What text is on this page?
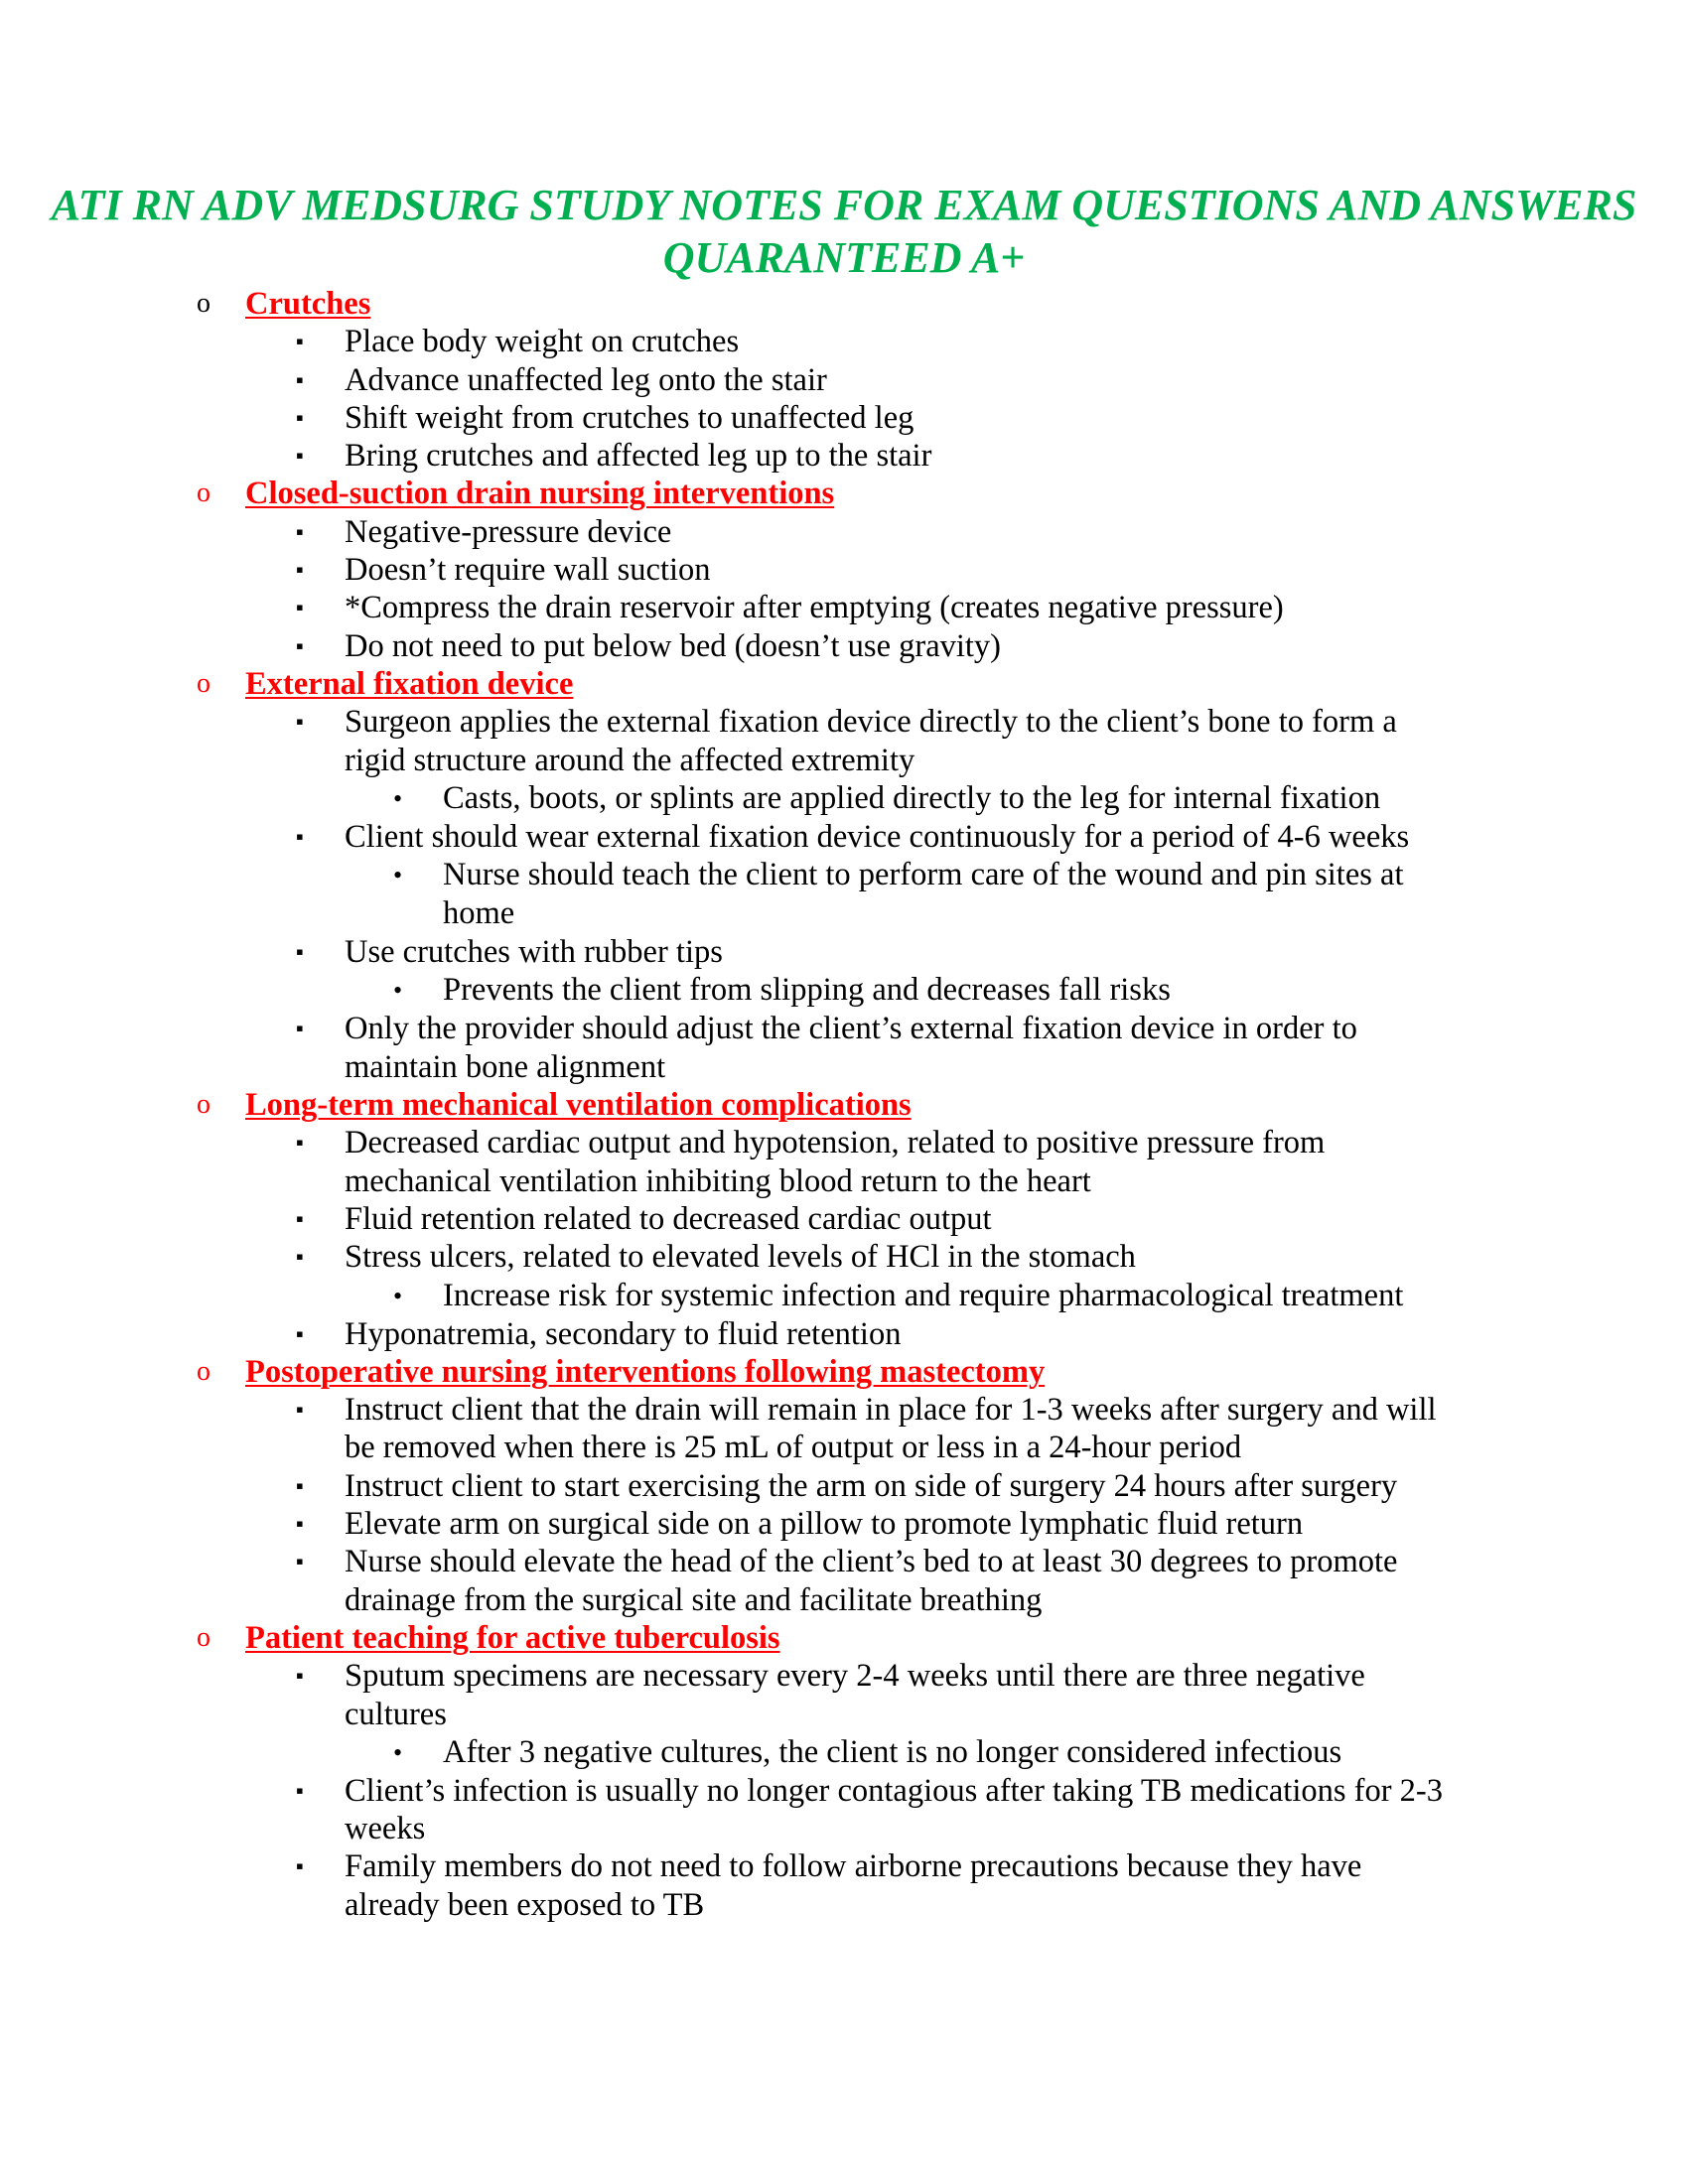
ATI RN ADV MEDSURG STUDY NOTES FOR EXAM QUESTIONS AND ANSWERS QUARANTEED A+
o Crutches
▪ Place body weight on crutches
▪ Advance unaffected leg onto the stair
▪ Shift weight from crutches to unaffected leg
▪ Bring crutches and affected leg up to the stair
o Closed-suction drain nursing interventions
▪ Negative-pressure device
▪ Doesn’t require wall suction
▪ *Compress the drain reservoir after emptying (creates negative pressure)
▪ Do not need to put below bed (doesn’t use gravity)
o External fixation device
▪ Surgeon applies the external fixation device directly to the client’s bone to form a rigid structure around the affected extremity
• Casts, boots, or splints are applied directly to the leg for internal fixation
▪ Client should wear external fixation device continuously for a period of 4-6 weeks
• Nurse should teach the client to perform care of the wound and pin sites at home
▪ Use crutches with rubber tips
• Prevents the client from slipping and decreases fall risks
▪ Only the provider should adjust the client’s external fixation device in order to maintain bone alignment
o Long-term mechanical ventilation complications
▪ Decreased cardiac output and hypotension, related to positive pressure from mechanical ventilation inhibiting blood return to the heart
▪ Fluid retention related to decreased cardiac output
▪ Stress ulcers, related to elevated levels of HCl in the stomach
• Increase risk for systemic infection and require pharmacological treatment
▪ Hyponatremia, secondary to fluid retention
o Postoperative nursing interventions following mastectomy
▪ Instruct client that the drain will remain in place for 1-3 weeks after surgery and will be removed when there is 25 mL of output or less in a 24-hour period
▪ Instruct client to start exercising the arm on side of surgery 24 hours after surgery
▪ Elevate arm on surgical side on a pillow to promote lymphatic fluid return
▪ Nurse should elevate the head of the client’s bed to at least 30 degrees to promote drainage from the surgical site and facilitate breathing
o Patient teaching for active tuberculosis
▪ Sputum specimens are necessary every 2-4 weeks until there are three negative cultures
• After 3 negative cultures, the client is no longer considered infectious
▪ Client’s infection is usually no longer contagious after taking TB medications for 2-3 weeks
▪ Family members do not need to follow airborne precautions because they have already been exposed to TB
